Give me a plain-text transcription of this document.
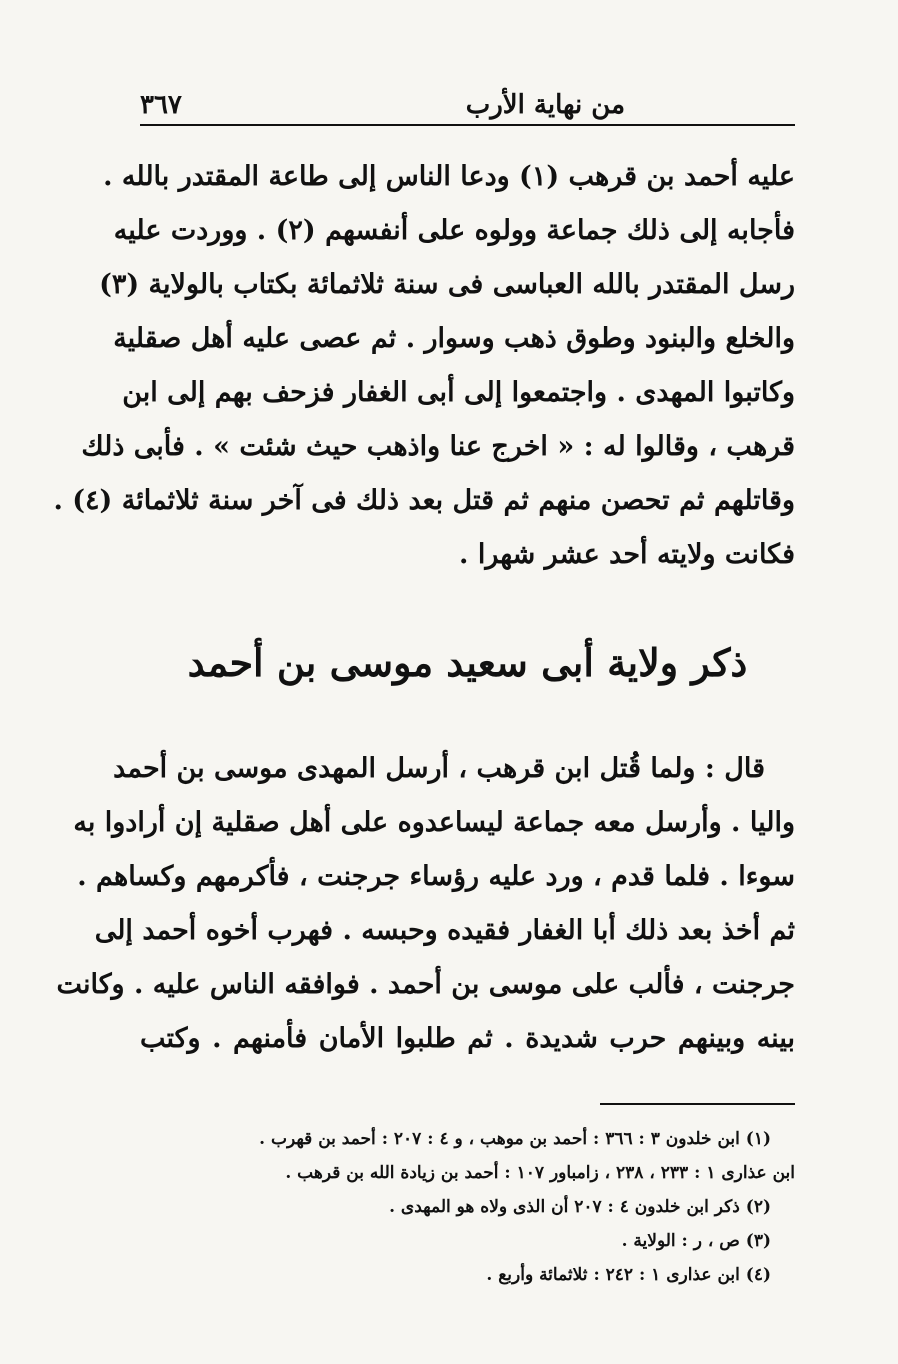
من نهاية الأرب
٣٦٧
عليه أحمد بن قرهب (١) ودعا الناس إلى طاعة المقتدر بالله .
فأجابه إلى ذلك جماعة وولوه على أنفسهم (٢) . ووردت عليه
رسل المقتدر بالله العباسى فى سنة ثلاثمائة بكتاب بالولاية (٣)
والخلع والبنود وطوق ذهب وسوار . ثم عصى عليه أهل صقلية
وكاتبوا المهدى . واجتمعوا إلى أبى الغفار فزحف بهم إلى ابن
قرهب ، وقالوا له : « اخرج عنا واذهب حيث شئت » . فأبى ذلك
وقاتلهم ثم تحصن منهم ثم قتل بعد ذلك فى آخر سنة ثلاثمائة (٤) .
فكانت ولايته أحد عشر شهرا .
ذكر ولاية أبى سعيد موسى بن أحمد
قال : ولما قُتل ابن قرهب ، أرسل المهدى موسى بن أحمد
واليا . وأرسل معه جماعة ليساعدوه على أهل صقلية إن أرادوا به
سوءا . فلما قدم ، ورد عليه رؤساء جرجنت ، فأكرمهم وكساهم .
ثم أخذ بعد ذلك أبا الغفار فقيده وحبسه . فهرب أخوه أحمد إلى
جرجنت ، فألب على موسى بن أحمد . فوافقه الناس عليه . وكانت
بينه وبينهم حرب شديدة . ثم طلبوا الأمان فأمنهم . وكتب
(١) ابن خلدون ٣ : ٣٦٦ : أحمد بن موهب ، و ٤ : ٢٠٧ : أحمد بن قهرب .
ابن عذارى ١ : ٢٣٣ ، ٢٣٨ ، زامباور ١٠٧ : أحمد بن زيادة الله بن قرهب .
(٢) ذكر ابن خلدون ٤ : ٢٠٧ أن الذى ولاه هو المهدى .
(٣) ص ، ر : الولاية .
(٤) ابن عذارى ١ : ٢٤٢ : ثلاثمائة وأربع .
